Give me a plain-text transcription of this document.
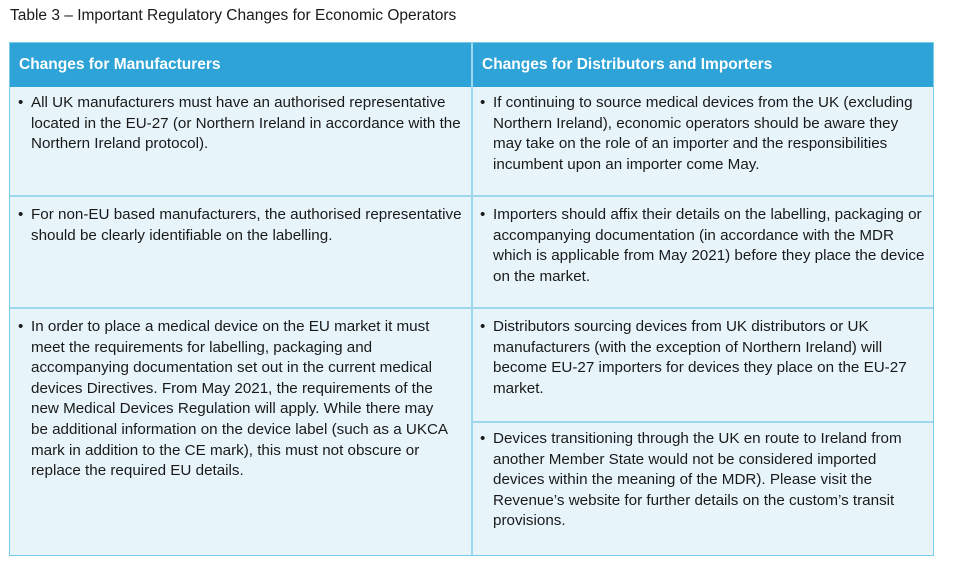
Table 3 – Important Regulatory Changes for Economic Operators
Changes for Manufacturers	Changes for Distributors and Importers
• All UK manufacturers must have an authorised representative located in the EU-27 (or Northern Ireland in accordance with the Northern Ireland protocol).
• For non-EU based manufacturers, the authorised representative should be clearly identifiable on the labelling.
• In order to place a medical device on the EU market it must meet the requirements for labelling, packaging and accompanying documentation set out in the current medical devices Directives. From May 2021, the requirements of the new Medical Devices Regulation will apply. While there may be additional information on the device label (such as a UKCA mark in addition to the CE mark), this must not obscure or replace the required EU details.
• If continuing to source medical devices from the UK (excluding Northern Ireland), economic operators should be aware they may take on the role of an importer and the responsibilities incumbent upon an importer come May.
• Importers should affix their details on the labelling, packaging or accompanying documentation (in accordance with the MDR which is applicable from May 2021) before they place the device on the market.
• Distributors sourcing devices from UK distributors or UK manufacturers (with the exception of Northern Ireland) will become EU-27 importers for devices they place on the EU-27 market.
• Devices transitioning through the UK en route to Ireland from another Member State would not be considered imported devices within the meaning of the MDR). Please visit the Revenue’s website for further details on the custom’s transit provisions.
